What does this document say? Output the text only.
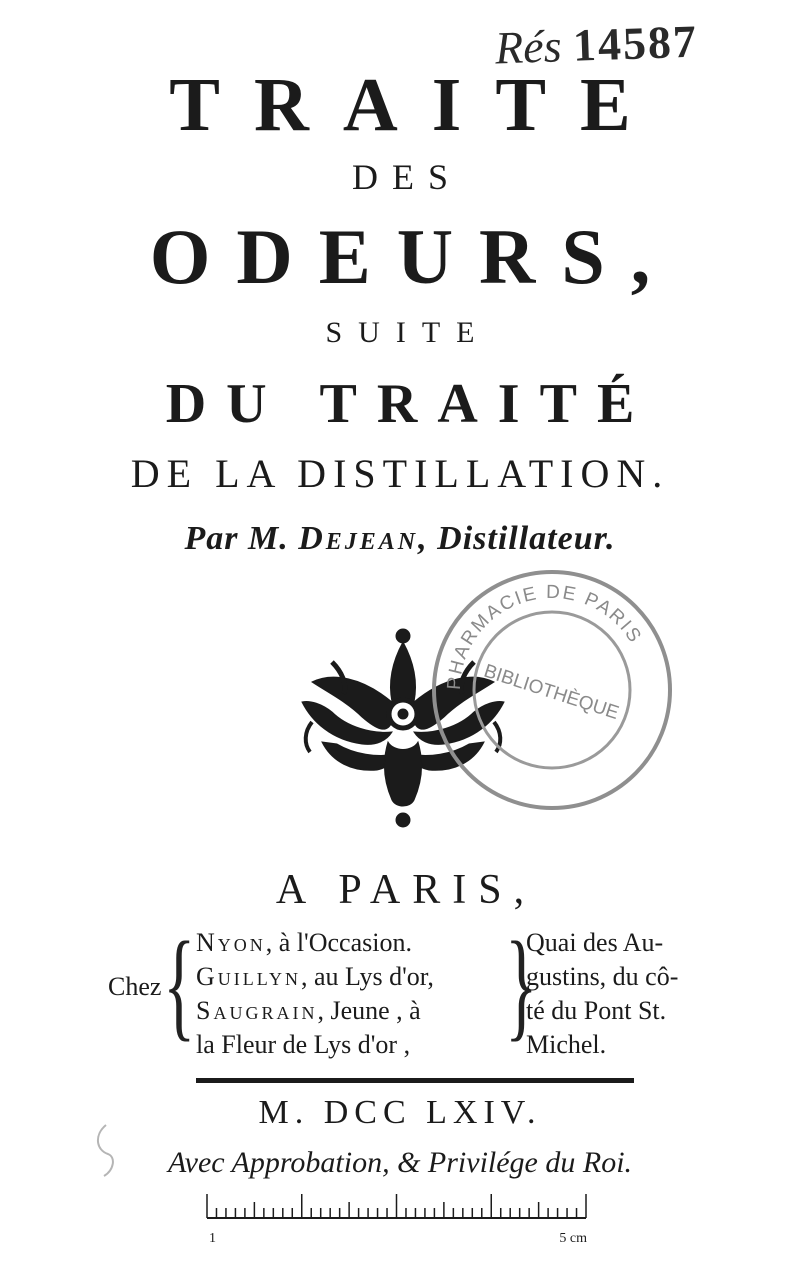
Rés 14587
TRAITE
DES
ODEURS,
SUITE
DU TRAITÉ
DE LA DISTILLATION.
Par M. Dejean, Distillateur.
PHARMACIE DE PARIS
BIBLIOTHÈQUE
A PARIS,
Chez { Nyon, à l'Occasion.
Guillyn, au Lys d'or,
Saugrain, Jeune , à
la Fleur de Lys d'or , }
Quai des Au-
gustins, du cô-
té du Pont St.
Michel.
M. DCC LXIV.
Avec Approbation, & Privilége du Roi.
1	5 cm
